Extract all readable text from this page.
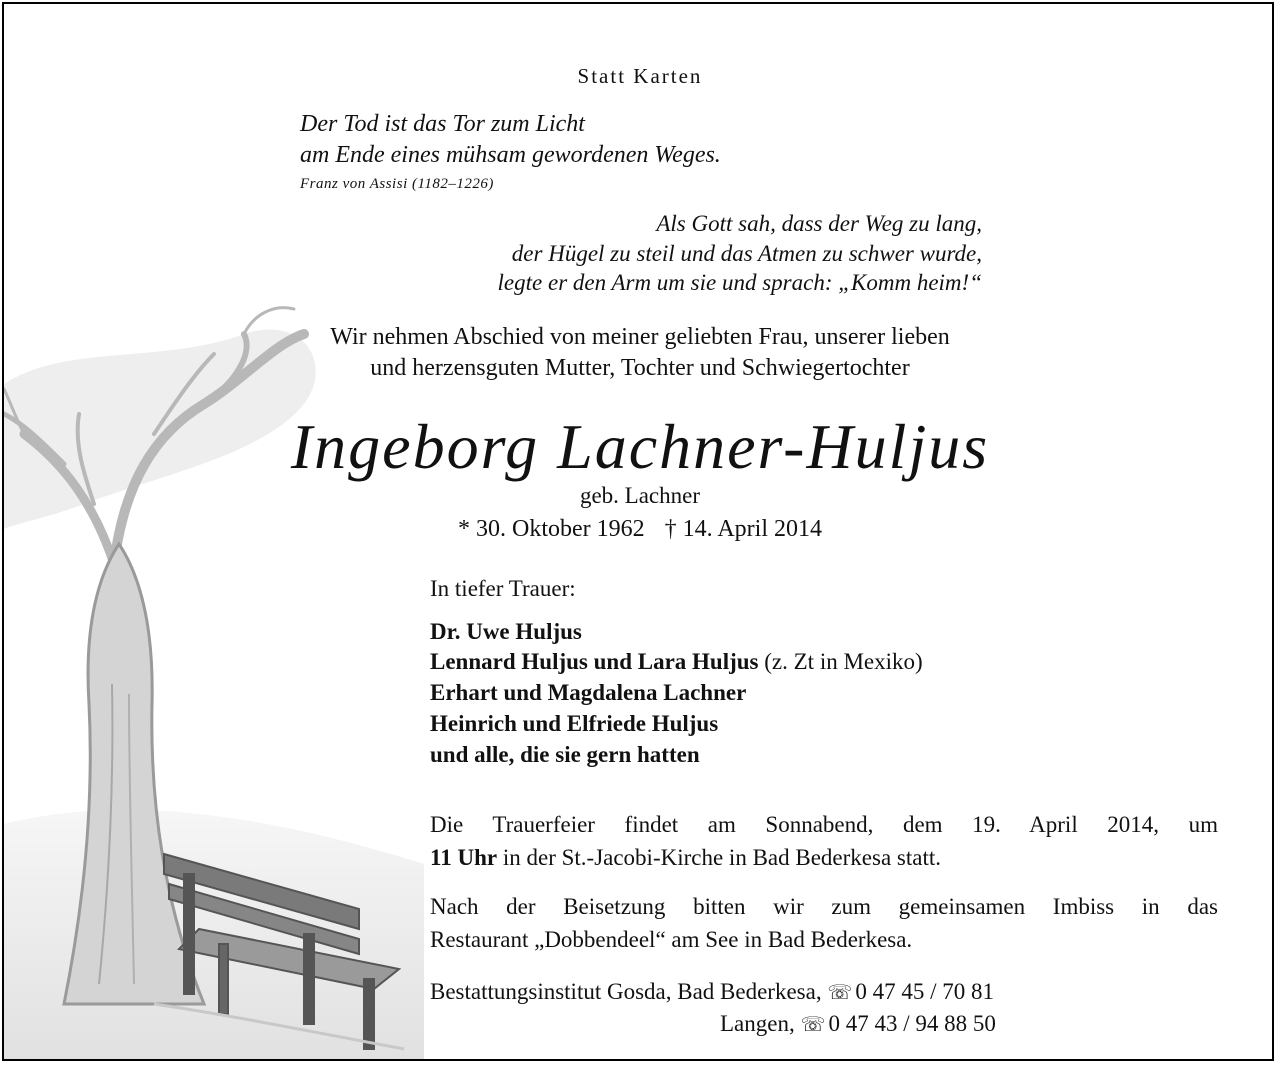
Statt Karten
Der Tod ist das Tor zum Licht
am Ende eines mühsam gewordenen Weges.
Franz von Assisi (1182–1226)
Als Gott sah, dass der Weg zu lang,
der Hügel zu steil und das Atmen zu schwer wurde,
legte er den Arm um sie und sprach: „Komm heim!“
Wir nehmen Abschied von meiner geliebten Frau, unserer lieben
und herzensguten Mutter, Tochter und Schwiegertochter
Ingeborg Lachner-Huljus
geb. Lachner
* 30. Oktober 1962 † 14. April 2014
In tiefer Trauer:
Dr. Uwe Huljus
Lennard Huljus und Lara Huljus (z. Zt in Mexiko)
Erhart und Magdalena Lachner
Heinrich und Elfriede Huljus
und alle, die sie gern hatten
Die Trauerfeier findet am Sonnabend, dem 19. April 2014, um
11 Uhr in der St.-Jacobi-Kirche in Bad Bederkesa statt.
Nach der Beisetzung bitten wir zum gemeinsamen Imbiss in das
Restaurant „Dobbendeel“ am See in Bad Bederkesa.
Bestattungsinstitut Gosda, Bad Bederkesa, ☏ 0 47 45 / 70 81
Langen, ☏ 0 47 43 / 94 88 50
